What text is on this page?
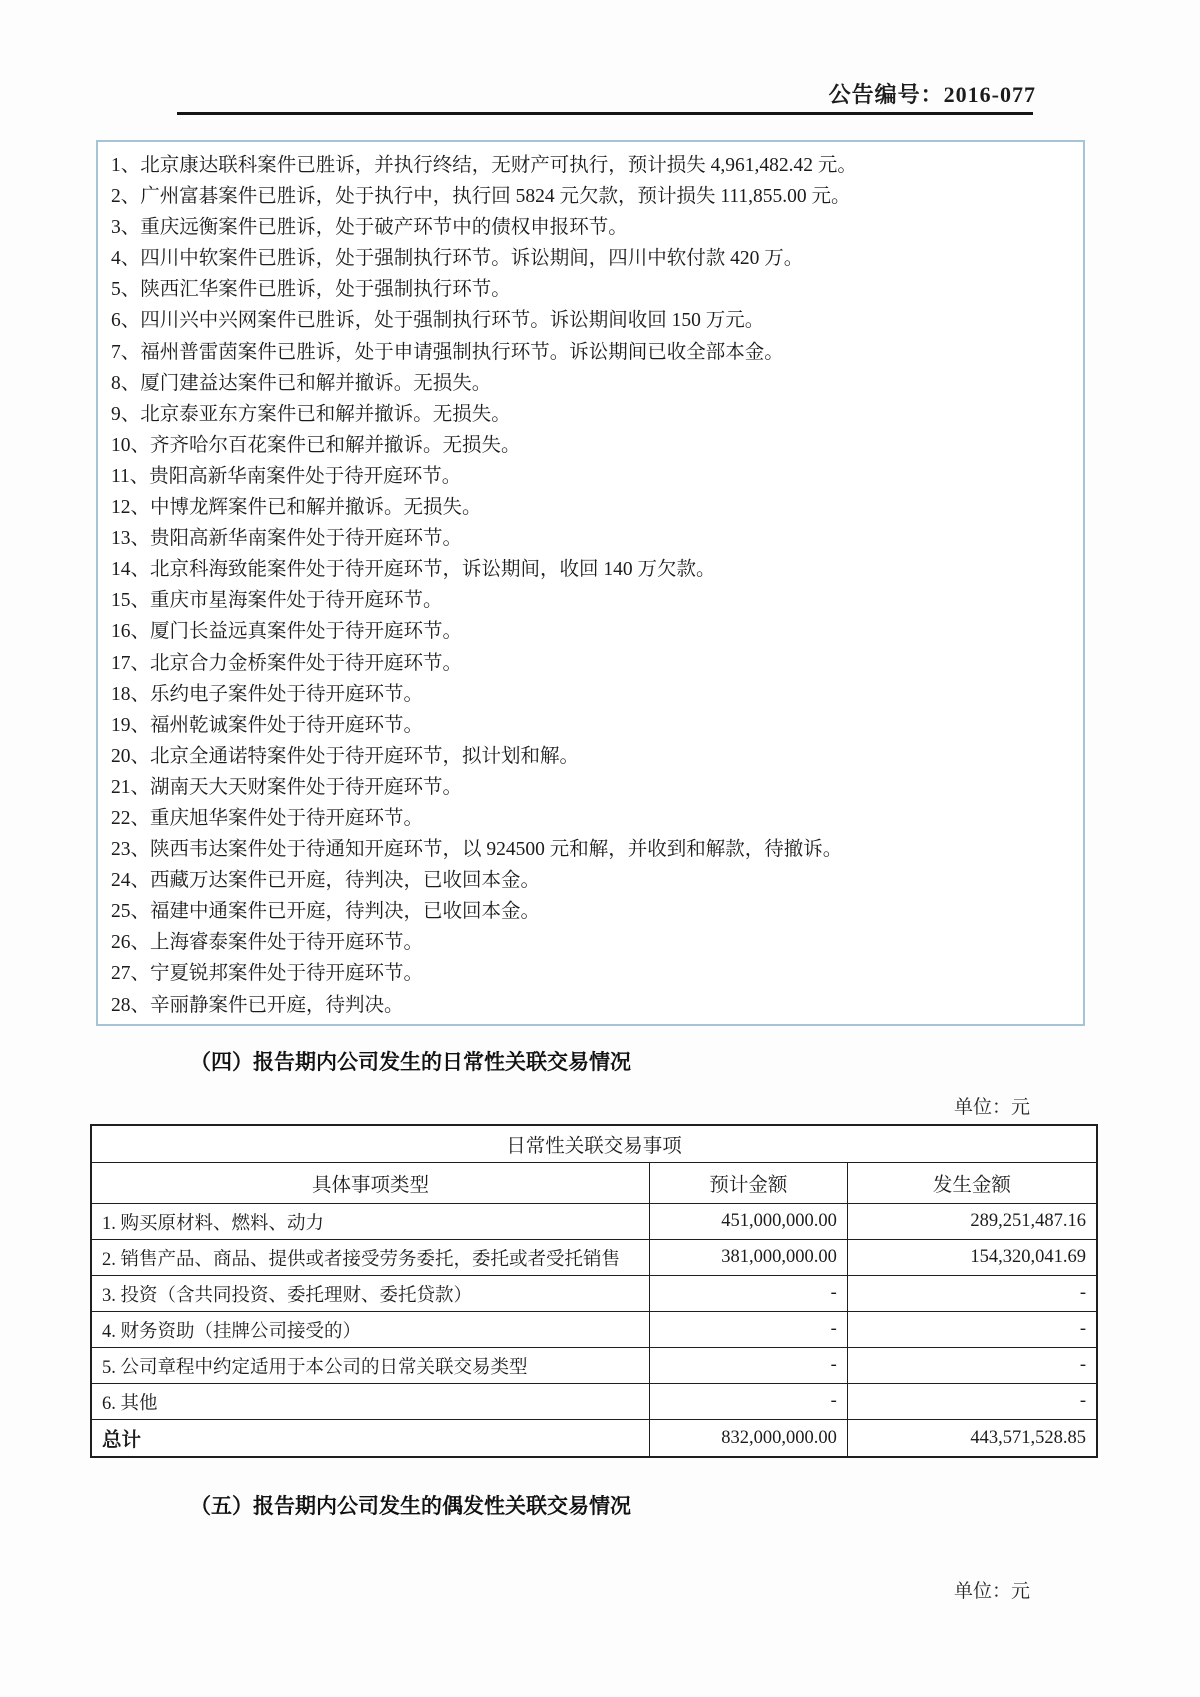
公告编号：2016-077
1、北京康达联科案件已胜诉，并执行终结，无财产可执行，预计损失 4,961,482.42 元。
2、广州富碁案件已胜诉，处于执行中，执行回 5824 元欠款，预计损失 111,855.00 元。
3、重庆远衡案件已胜诉，处于破产环节中的债权申报环节。
4、四川中软案件已胜诉，处于强制执行环节。诉讼期间，四川中软付款 420 万。
5、陕西汇华案件已胜诉，处于强制执行环节。
6、四川兴中兴网案件已胜诉，处于强制执行环节。诉讼期间收回 150 万元。
7、福州普雷茵案件已胜诉，处于申请强制执行环节。诉讼期间已收全部本金。
8、厦门建益达案件已和解并撤诉。无损失。
9、北京泰亚东方案件已和解并撤诉。无损失。
10、齐齐哈尔百花案件已和解并撤诉。无损失。
11、贵阳高新华南案件处于待开庭环节。
12、中博龙辉案件已和解并撤诉。无损失。
13、贵阳高新华南案件处于待开庭环节。
14、北京科海致能案件处于待开庭环节，诉讼期间，收回 140 万欠款。
15、重庆市星海案件处于待开庭环节。
16、厦门长益远真案件处于待开庭环节。
17、北京合力金桥案件处于待开庭环节。
18、乐约电子案件处于待开庭环节。
19、福州乾诚案件处于待开庭环节。
20、北京全通诺特案件处于待开庭环节，拟计划和解。
21、湖南天大天财案件处于待开庭环节。
22、重庆旭华案件处于待开庭环节。
23、陕西韦达案件处于待通知开庭环节，以 924500 元和解，并收到和解款，待撤诉。
24、西藏万达案件已开庭，待判决，已收回本金。
25、福建中通案件已开庭，待判决，已收回本金。
26、上海睿泰案件处于待开庭环节。
27、宁夏锐邦案件处于待开庭环节。
28、辛丽静案件已开庭，待判决。
（四）报告期内公司发生的日常性关联交易情况
单位：元
日常性关联交易事项		
具体事项类型	预计金额	发生金额
1. 购买原材料、燃料、动力	451,000,000.00	289,251,487.16
2. 销售产品、商品、提供或者接受劳务委托，委托或者受托销售	381,000,000.00	154,320,041.69
3. 投资（含共同投资、委托理财、委托贷款）	-	-
4. 财务资助（挂牌公司接受的）	-	-
5. 公司章程中约定适用于本公司的日常关联交易类型	-	-
6. 其他	-	-
总计	832,000,000.00	443,571,528.85
（五）报告期内公司发生的偶发性关联交易情况
单位：元
